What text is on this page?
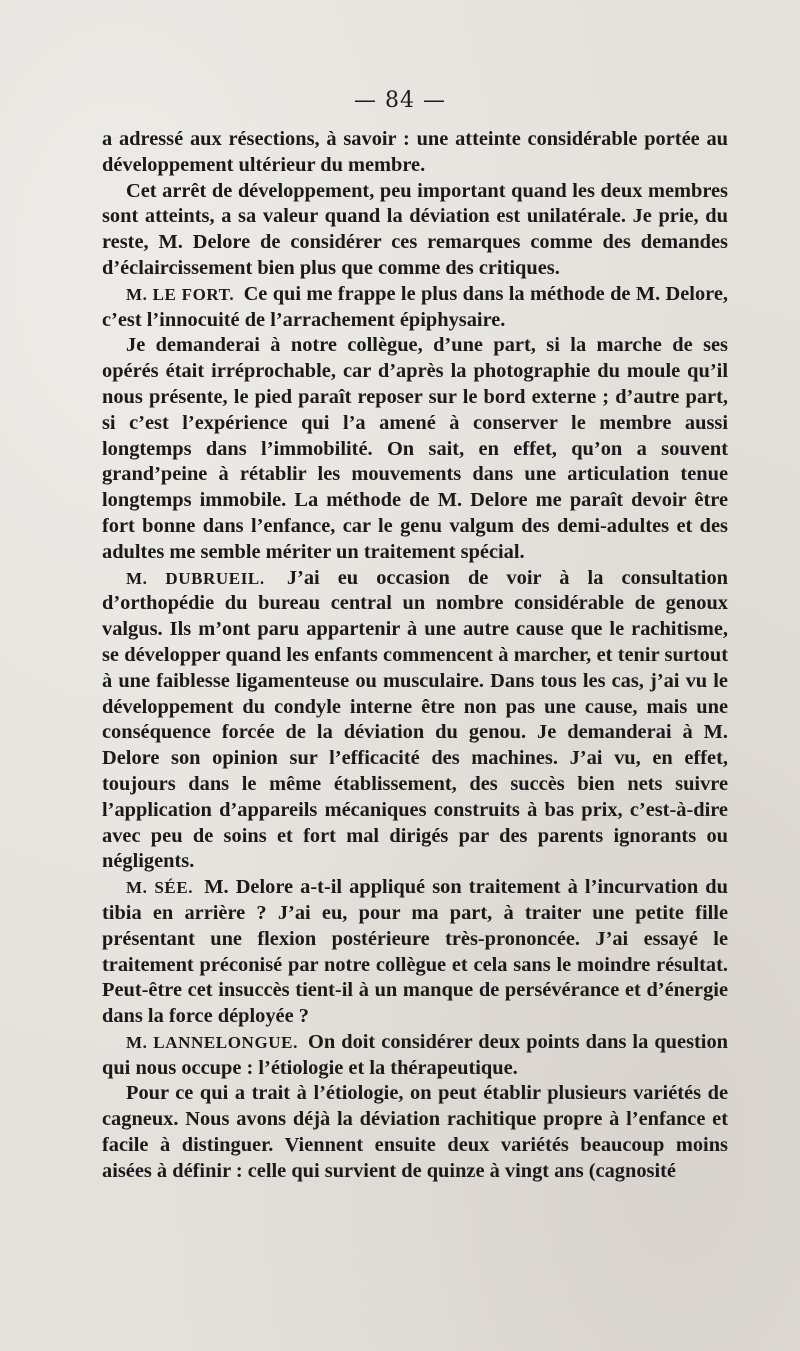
— 84 —

a adressé aux résections, à savoir : une atteinte considérable portée au développement ultérieur du membre.

Cet arrêt de développement, peu important quand les deux membres sont atteints, a sa valeur quand la déviation est unilatérale. Je prie, du reste, M. Delore de considérer ces remarques comme des demandes d’éclaircissement bien plus que comme des critiques.

M. LE FORT. Ce qui me frappe le plus dans la méthode de M. Delore, c’est l’innocuité de l’arrachement épiphysaire.

Je demanderai à notre collègue, d’une part, si la marche de ses opérés était irréprochable, car d’après la photographie du moule qu’il nous présente, le pied paraît reposer sur le bord externe ; d’autre part, si c’est l’expérience qui l’a amené à conserver le membre aussi longtemps dans l’immobilité. On sait, en effet, qu’on a souvent grand’peine à rétablir les mouvements dans une articulation tenue longtemps immobile. La méthode de M. Delore me paraît devoir être fort bonne dans l’enfance, car le genu valgum des demi-adultes et des adultes me semble mériter un traitement spécial.

M. DUBRUEIL. J’ai eu occasion de voir à la consultation d’orthopédie du bureau central un nombre considérable de genoux valgus. Ils m’ont paru appartenir à une autre cause que le rachitisme, se développer quand les enfants commencent à marcher, et tenir surtout à une faiblesse ligamenteuse ou musculaire. Dans tous les cas, j’ai vu le développement du condyle interne être non pas une cause, mais une conséquence forcée de la déviation du genou. Je demanderai à M. Delore son opinion sur l’efficacité des machines. J’ai vu, en effet, toujours dans le même établissement, des succès bien nets suivre l’application d’appareils mécaniques construits à bas prix, c’est-à-dire avec peu de soins et fort mal dirigés par des parents ignorants ou négligents.

M. SÉE. M. Delore a-t-il appliqué son traitement à l’incurvation du tibia en arrière ? J’ai eu, pour ma part, à traiter une petite fille présentant une flexion postérieure très-prononcée. J’ai essayé le traitement préconisé par notre collègue et cela sans le moindre résultat. Peut-être cet insuccès tient-il à un manque de persévérance et d’énergie dans la force déployée ?

M. LANNELONGUE. On doit considérer deux points dans la question qui nous occupe : l’étiologie et la thérapeutique.

Pour ce qui a trait à l’étiologie, on peut établir plusieurs variétés de cagneux. Nous avons déjà la déviation rachitique propre à l’enfance et facile à distinguer. Viennent ensuite deux variétés beaucoup moins aisées à définir : celle qui survient de quinze à vingt ans (cagnosité
